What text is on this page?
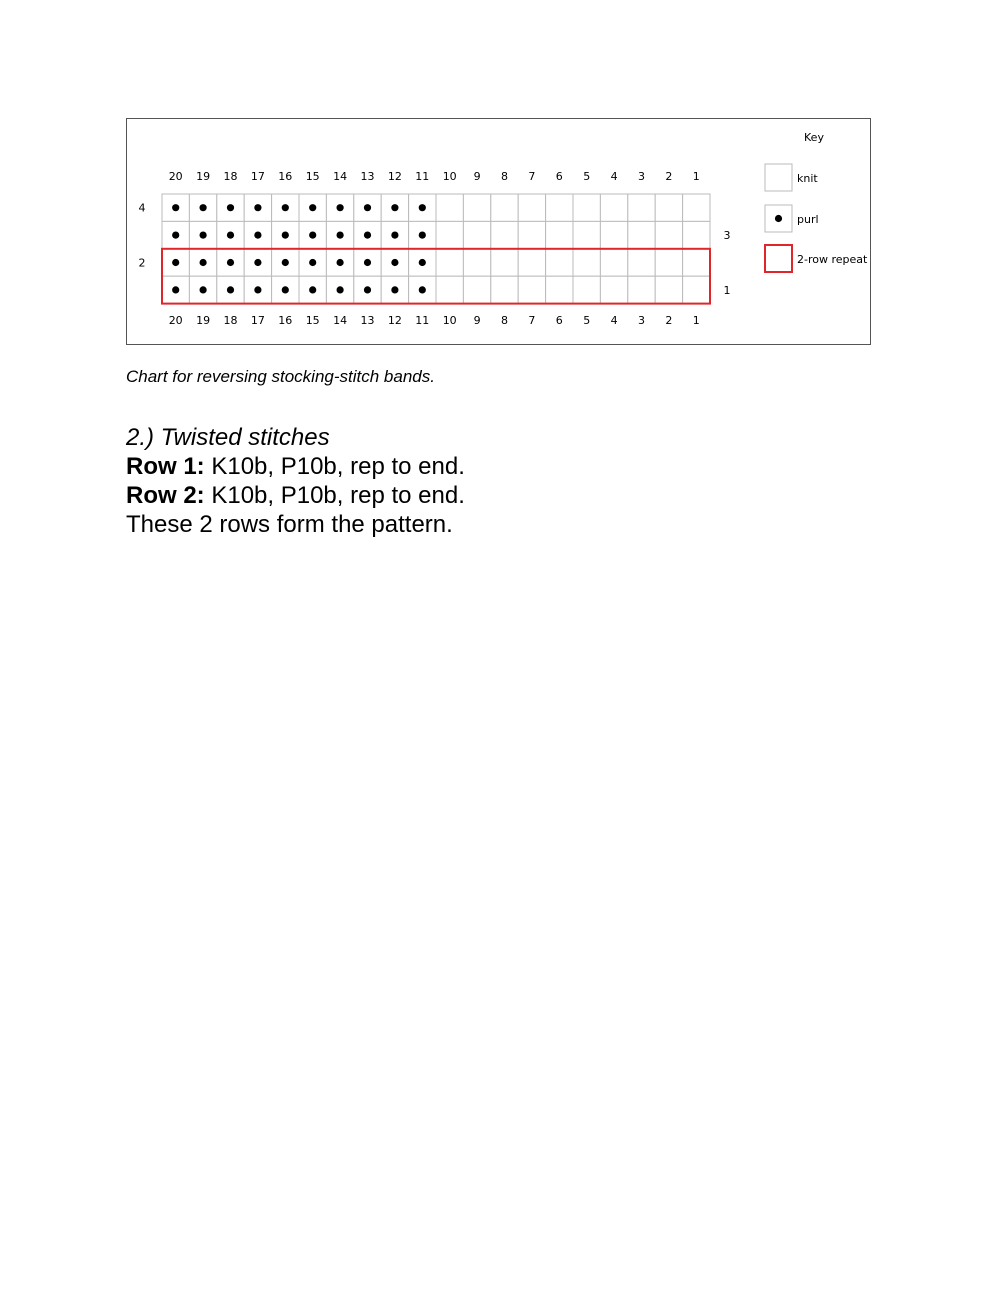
20
20
19
19
18
18
17
17
16
16
15
15
14
14
13
13
12
12
11
11
10
10
9
9
8
8
7
7
6
6
5
5
4
4
3
3
2
2
1
1
4
2
3
1
Key
knit
purl
2-row repeat
Chart for reversing stocking-stitch bands.
2.) Twisted stitches
Row 1: K10b, P10b, rep to end.
Row 2: K10b, P10b, rep to end.
These 2 rows form the pattern.
